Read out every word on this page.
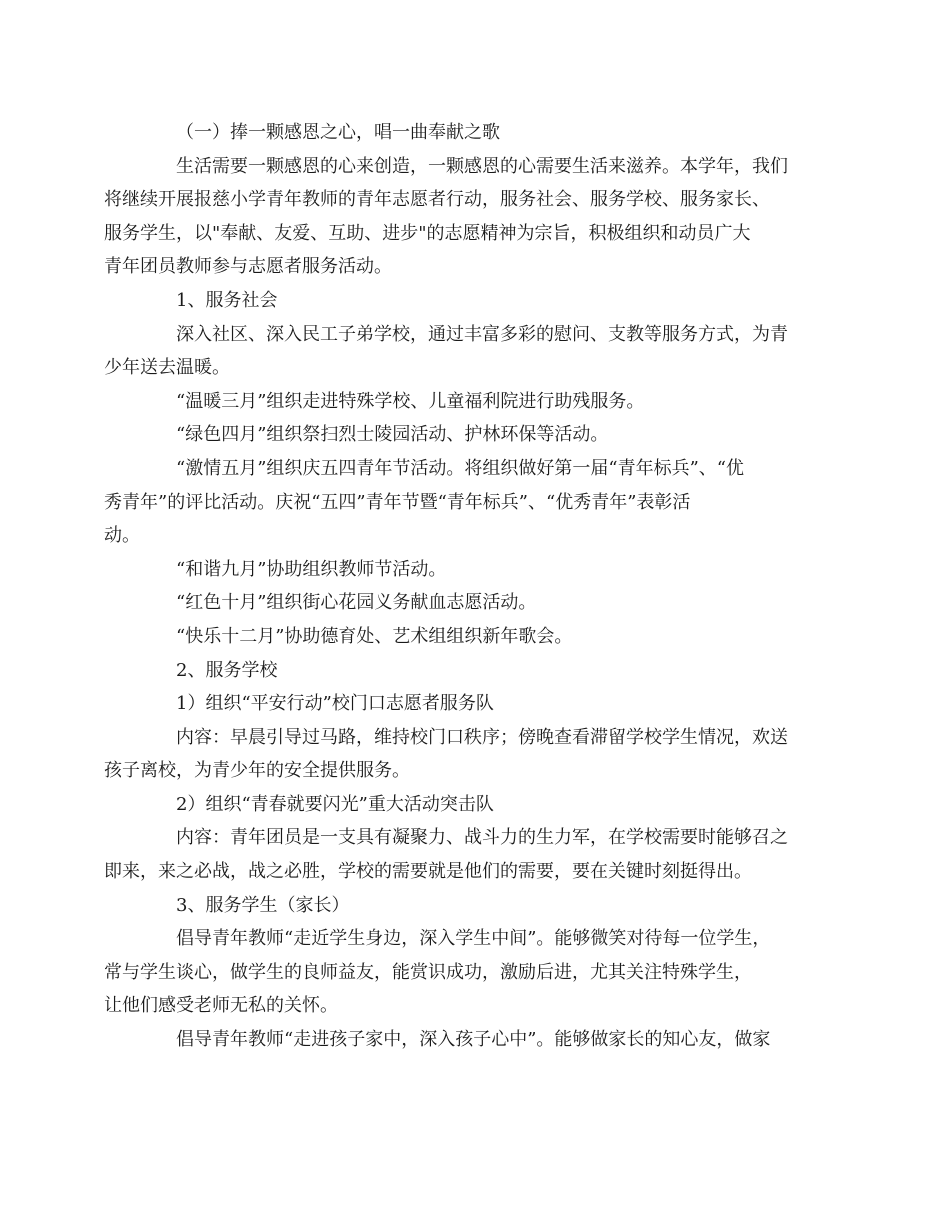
（一）捧一颗感恩之心，唱一曲奉献之歌

生活需要一颗感恩的心来创造，一颗感恩的心需要生活来滋养。本学年，我们
将继续开展报慈小学青年教师的青年志愿者行动，服务社会、服务学校、服务家长、
服务学生，以"奉献、友爱、互助、进步"的志愿精神为宗旨，积极组织和动员广大
青年团员教师参与志愿者服务活动。

1、服务社会

深入社区、深入民工子弟学校，通过丰富多彩的慰问、支教等服务方式，为青
少年送去温暖。

“温暖三月”组织走进特殊学校、儿童福利院进行助残服务。

“绿色四月”组织祭扫烈士陵园活动、护林环保等活动。

“激情五月”组织庆五四青年节活动。将组织做好第一届“青年标兵”、“优
秀青年”的评比活动。庆祝“五四”青年节暨“青年标兵”、“优秀青年”表彰活
动。

“和谐九月”协助组织教师节活动。

“红色十月”组织街心花园义务献血志愿活动。

“快乐十二月”协助德育处、艺术组组织新年歌会。

2、服务学校

1）组织“平安行动”校门口志愿者服务队

内容：早晨引导过马路，维持校门口秩序；傍晚查看滞留学校学生情况，欢送
孩子离校，为青少年的安全提供服务。

2）组织“青春就要闪光”重大活动突击队

内容：青年团员是一支具有凝聚力、战斗力的生力军，在学校需要时能够召之
即来，来之必战，战之必胜，学校的需要就是他们的需要，要在关键时刻挺得出。

3、服务学生（家长）

倡导青年教师“走近学生身边，深入学生中间”。能够微笑对待每一位学生，
常与学生谈心，做学生的良师益友，能赏识成功，激励后进，尤其关注特殊学生，
让他们感受老师无私的关怀。

倡导青年教师“走进孩子家中，深入孩子心中”。能够做家长的知心友，做家
